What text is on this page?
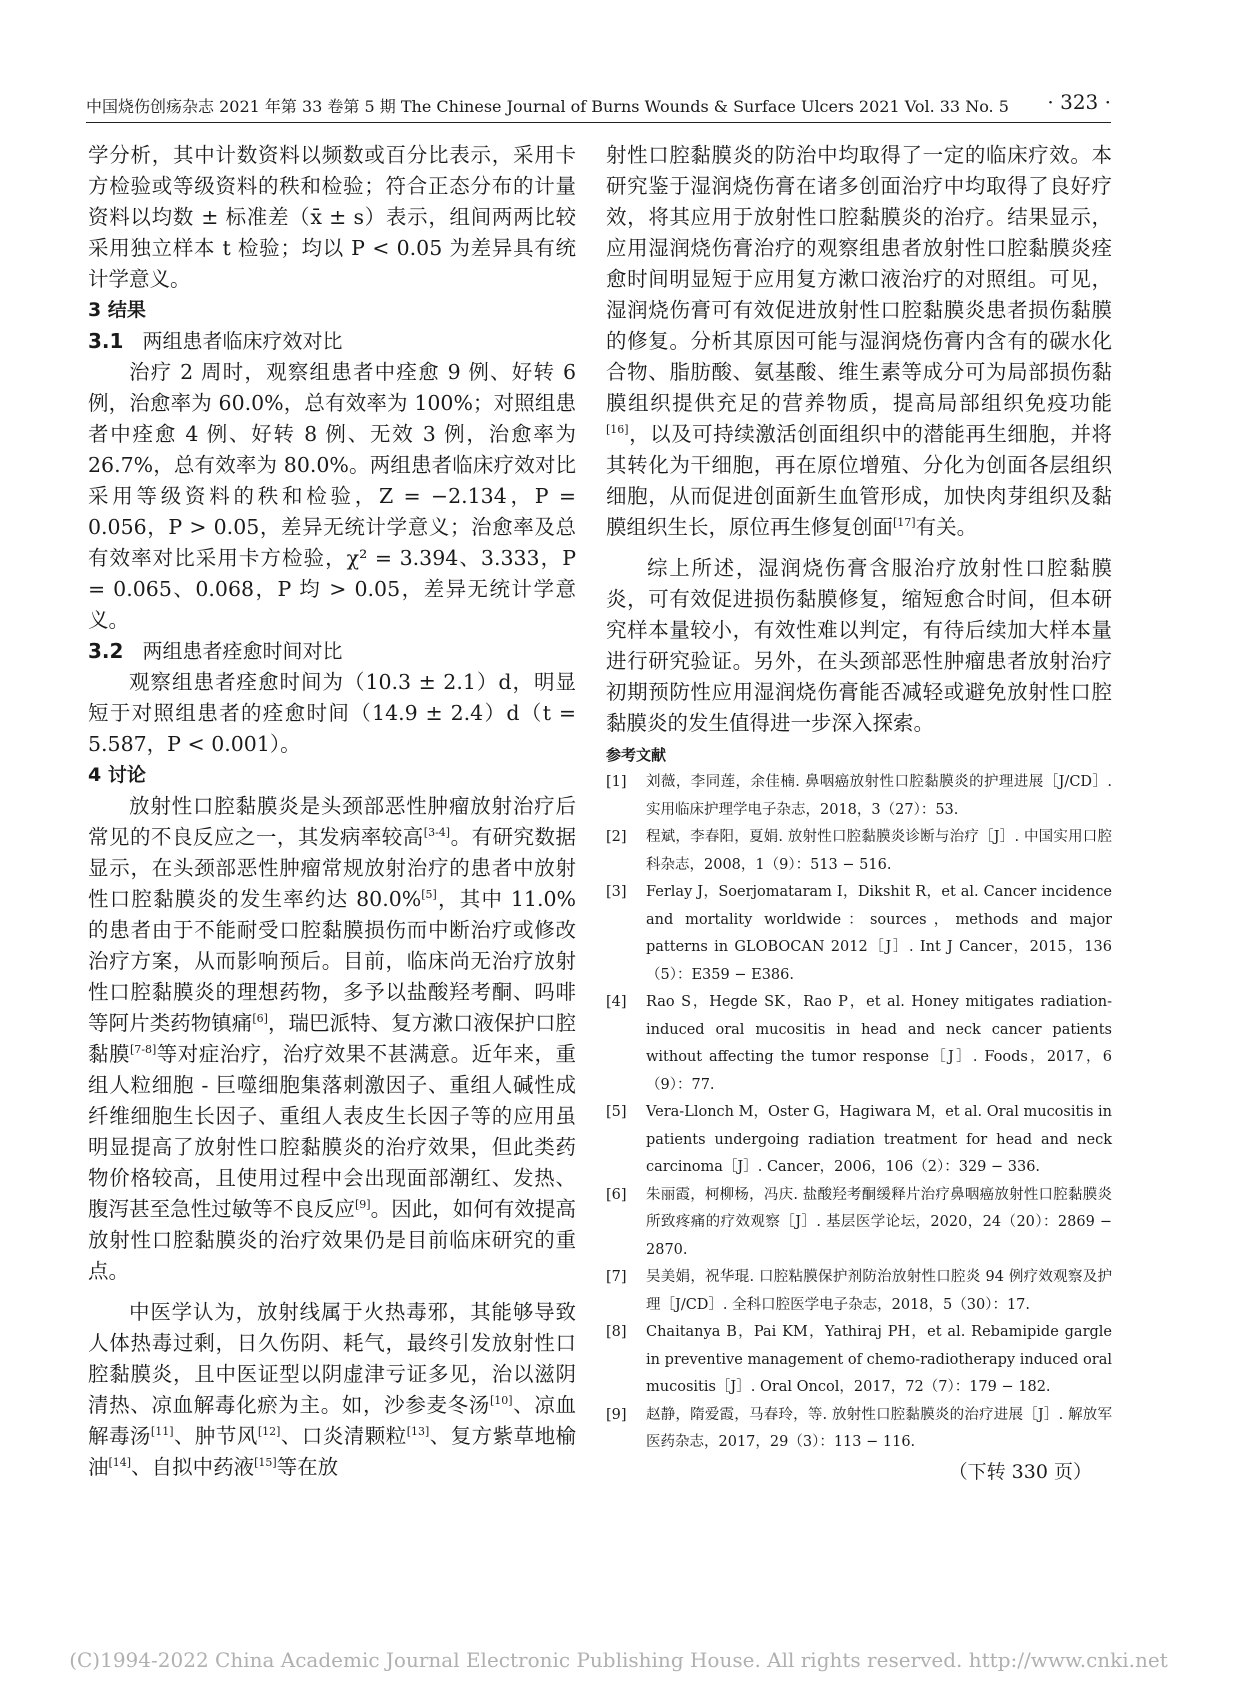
中国烧伤创疡杂志 2021 年第 33 卷第 5 期 The Chinese Journal of Burns Wounds & Surface Ulcers 2021 Vol. 33 No. 5 · 323 ·

学分析，其中计数资料以频数或百分比表示，采用卡方检验或等级资料的秩和检验；符合正态分布的计量资料以均数 ± 标准差（x̄ ± s）表示，组间两两比较采用独立样本 t 检验；均以 P < 0.05 为差异具有统计学意义。

3 结果

3.1 两组患者临床疗效对比

治疗 2 周时，观察组患者中痊愈 9 例、好转 6 例，治愈率为 60.0%，总有效率为 100%；对照组患者中痊愈 4 例、好转 8 例、无效 3 例，治愈率为 26.7%，总有效率为 80.0%。两组患者临床疗效对比采用等级资料的秩和检验，Z = −2.134，P = 0.056，P > 0.05，差异无统计学意义；治愈率及总有效率对比采用卡方检验，χ² = 3.394、3.333，P = 0.065、0.068，P 均 > 0.05，差异无统计学意义。

3.2 两组患者痊愈时间对比

观察组患者痊愈时间为（10.3 ± 2.1）d，明显短于对照组患者的痊愈时间（14.9 ± 2.4）d（t = 5.587，P < 0.001）。

4 讨论

放射性口腔黏膜炎是头颈部恶性肿瘤放射治疗后常见的不良反应之一，其发病率较高[3-4]。有研究数据显示，在头颈部恶性肿瘤常规放射治疗的患者中放射性口腔黏膜炎的发生率约达 80.0%[5]，其中 11.0% 的患者由于不能耐受口腔黏膜损伤而中断治疗或修改治疗方案，从而影响预后。目前，临床尚无治疗放射性口腔黏膜炎的理想药物，多予以盐酸羟考酮、吗啡等阿片类药物镇痛[6]，瑞巴派特、复方漱口液保护口腔黏膜[7-8]等对症治疗，治疗效果不甚满意。近年来，重组人粒细胞 - 巨噬细胞集落刺激因子、重组人碱性成纤维细胞生长因子、重组人表皮生长因子等的应用虽明显提高了放射性口腔黏膜炎的治疗效果，但此类药物价格较高，且使用过程中会出现面部潮红、发热、腹泻甚至急性过敏等不良反应[9]。因此，如何有效提高放射性口腔黏膜炎的治疗效果仍是目前临床研究的重点。

中医学认为，放射线属于火热毒邪，其能够导致人体热毒过剩，日久伤阴、耗气，最终引发放射性口腔黏膜炎，且中医证型以阴虚津亏证多见，治以滋阴清热、凉血解毒化瘀为主。如，沙参麦冬汤[10]、凉血解毒汤[11]、肿节风[12]、口炎清颗粒[13]、复方紫草地榆油[14]、自拟中药液[15]等在放

射性口腔黏膜炎的防治中均取得了一定的临床疗效。本研究鉴于湿润烧伤膏在诸多创面治疗中均取得了良好疗效，将其应用于放射性口腔黏膜炎的治疗。结果显示，应用湿润烧伤膏治疗的观察组患者放射性口腔黏膜炎痊愈时间明显短于应用复方漱口液治疗的对照组。可见，湿润烧伤膏可有效促进放射性口腔黏膜炎患者损伤黏膜的修复。分析其原因可能与湿润烧伤膏内含有的碳水化合物、脂肪酸、氨基酸、维生素等成分可为局部损伤黏膜组织提供充足的营养物质，提高局部组织免疫功能[16]，以及可持续激活创面组织中的潜能再生细胞，并将其转化为干细胞，再在原位增殖、分化为创面各层组织细胞，从而促进创面新生血管形成，加快肉芽组织及黏膜组织生长，原位再生修复创面[17]有关。

综上所述，湿润烧伤膏含服治疗放射性口腔黏膜炎，可有效促进损伤黏膜修复，缩短愈合时间，但本研究样本量较小，有效性难以判定，有待后续加大样本量进行研究验证。另外，在头颈部恶性肿瘤患者放射治疗初期预防性应用湿润烧伤膏能否减轻或避免放射性口腔黏膜炎的发生值得进一步深入探索。

参考文献

[1]	刘薇，李同莲，余佳楠. 鼻咽癌放射性口腔黏膜炎的护理进展［J/CD］. 实用临床护理学电子杂志，2018，3（27）：53.
[2]	程斌，李春阳，夏娟. 放射性口腔黏膜炎诊断与治疗［J］. 中国实用口腔科杂志，2008，1（9）：513 − 516.
[3]	Ferlay J，Soerjomataram I，Dikshit R，et al. Cancer incidence and mortality worldwide：sources，methods and major patterns in GLOBOCAN 2012［J］. Int J Cancer，2015，136（5）：E359 − E386.
[4]	Rao S，Hegde SK，Rao P，et al. Honey mitigates radiation-induced oral mucositis in head and neck cancer patients without affecting the tumor response［J］. Foods，2017，6（9）：77.
[5]	Vera-Llonch M，Oster G，Hagiwara M，et al. Oral mucositis in patients undergoing radiation treatment for head and neck carcinoma［J］. Cancer，2006，106（2）：329 − 336.
[6]	朱丽霞，柯柳杨，冯庆. 盐酸羟考酮缓释片治疗鼻咽癌放射性口腔黏膜炎所致疼痛的疗效观察［J］. 基层医学论坛，2020，24（20）：2869 − 2870.
[7]	吴美娟，祝华琨. 口腔粘膜保护剂防治放射性口腔炎 94 例疗效观察及护理［J/CD］. 全科口腔医学电子杂志，2018，5（30）：17.
[8]	Chaitanya B，Pai KM，Yathiraj PH，et al. Rebamipide gargle in preventive management of chemo-radiotherapy induced oral mucositis［J］. Oral Oncol，2017，72（7）：179 − 182.
[9]	赵静，隋爱霞，马春玲，等. 放射性口腔黏膜炎的治疗进展［J］. 解放军医药杂志，2017，29（3）：113 − 116.
（下转 330 页）
(C)1994-2022 China Academic Journal Electronic Publishing House. All rights reserved. http://www.cnki.net
